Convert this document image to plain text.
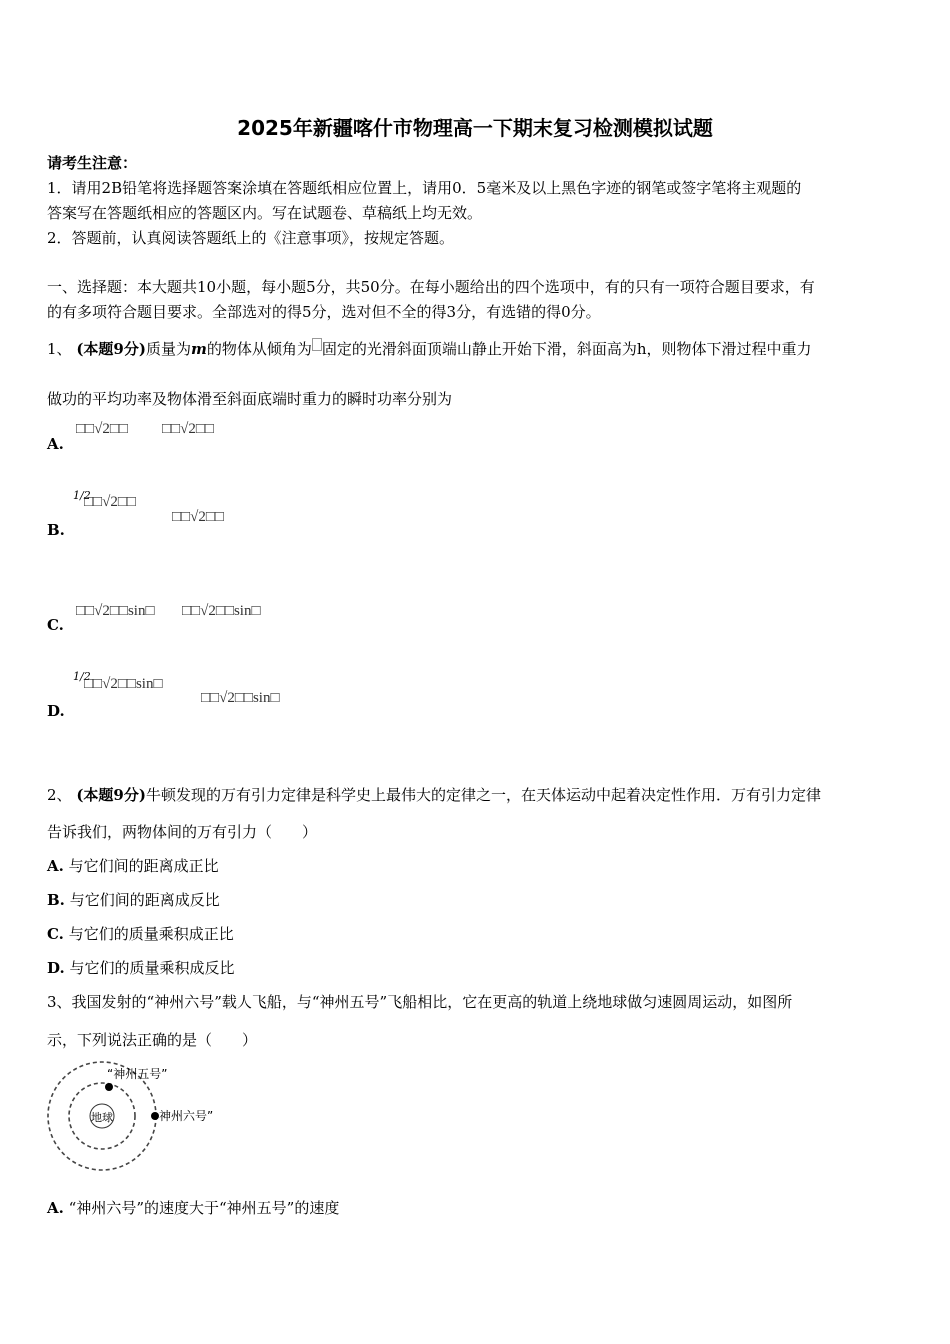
2025年新疆喀什市物理高一下期末复习检测模拟试题
请考生注意：
1．请用2B铅笔将选择题答案涂填在答题纸相应位置上，请用0．5毫米及以上黑色字迹的钢笔或签字笔将主观题的
答案写在答题纸相应的答题区内。写在试题卷、草稿纸上均无效。
2．答题前，认真阅读答题纸上的《注意事项》，按规定答题。
一、选择题：本大题共10小题，每小题5分，共50分。在每小题给出的四个选项中，有的只有一项符合题目要求，有
的有多项符合题目要求。全部选对的得5分，选对但不全的得3分，有选错的得0分。
1、 (本题9分)质量为m的物体从倾角为 固定的光滑斜面顶端山静止开始下滑，斜面高为h，则物体下滑过程中重力
做功的平均功率及物体滑至斜面底端时重力的瞬时功率分别为
A.
□□√2□□ □□√2□□
B.
1/2
□□√2□□
□□√2□□
C.
□□√2□□sin□ □□√2□□sin□
D.
1/2
□□√2□□sin□
□□√2□□sin□
2、 (本题9分)牛顿发现的万有引力定律是科学史上最伟大的定律之一，在天体运动中起着决定性作用．万有引力定律
告诉我们，两物体间的万有引力（　　）
A. 与它们间的距离成正比
B. 与它们间的距离成反比
C. 与它们的质量乘积成正比
D. 与它们的质量乘积成反比
3、我国发射的“神州六号”载人飞船，与“神州五号”飞船相比，它在更高的轨道上绕地球做匀速圆周运动，如图所
示，下列说法正确的是（　　）
地球
“神州五号”
神州六号”
A. “神州六号”的速度大于“神州五号”的速度
